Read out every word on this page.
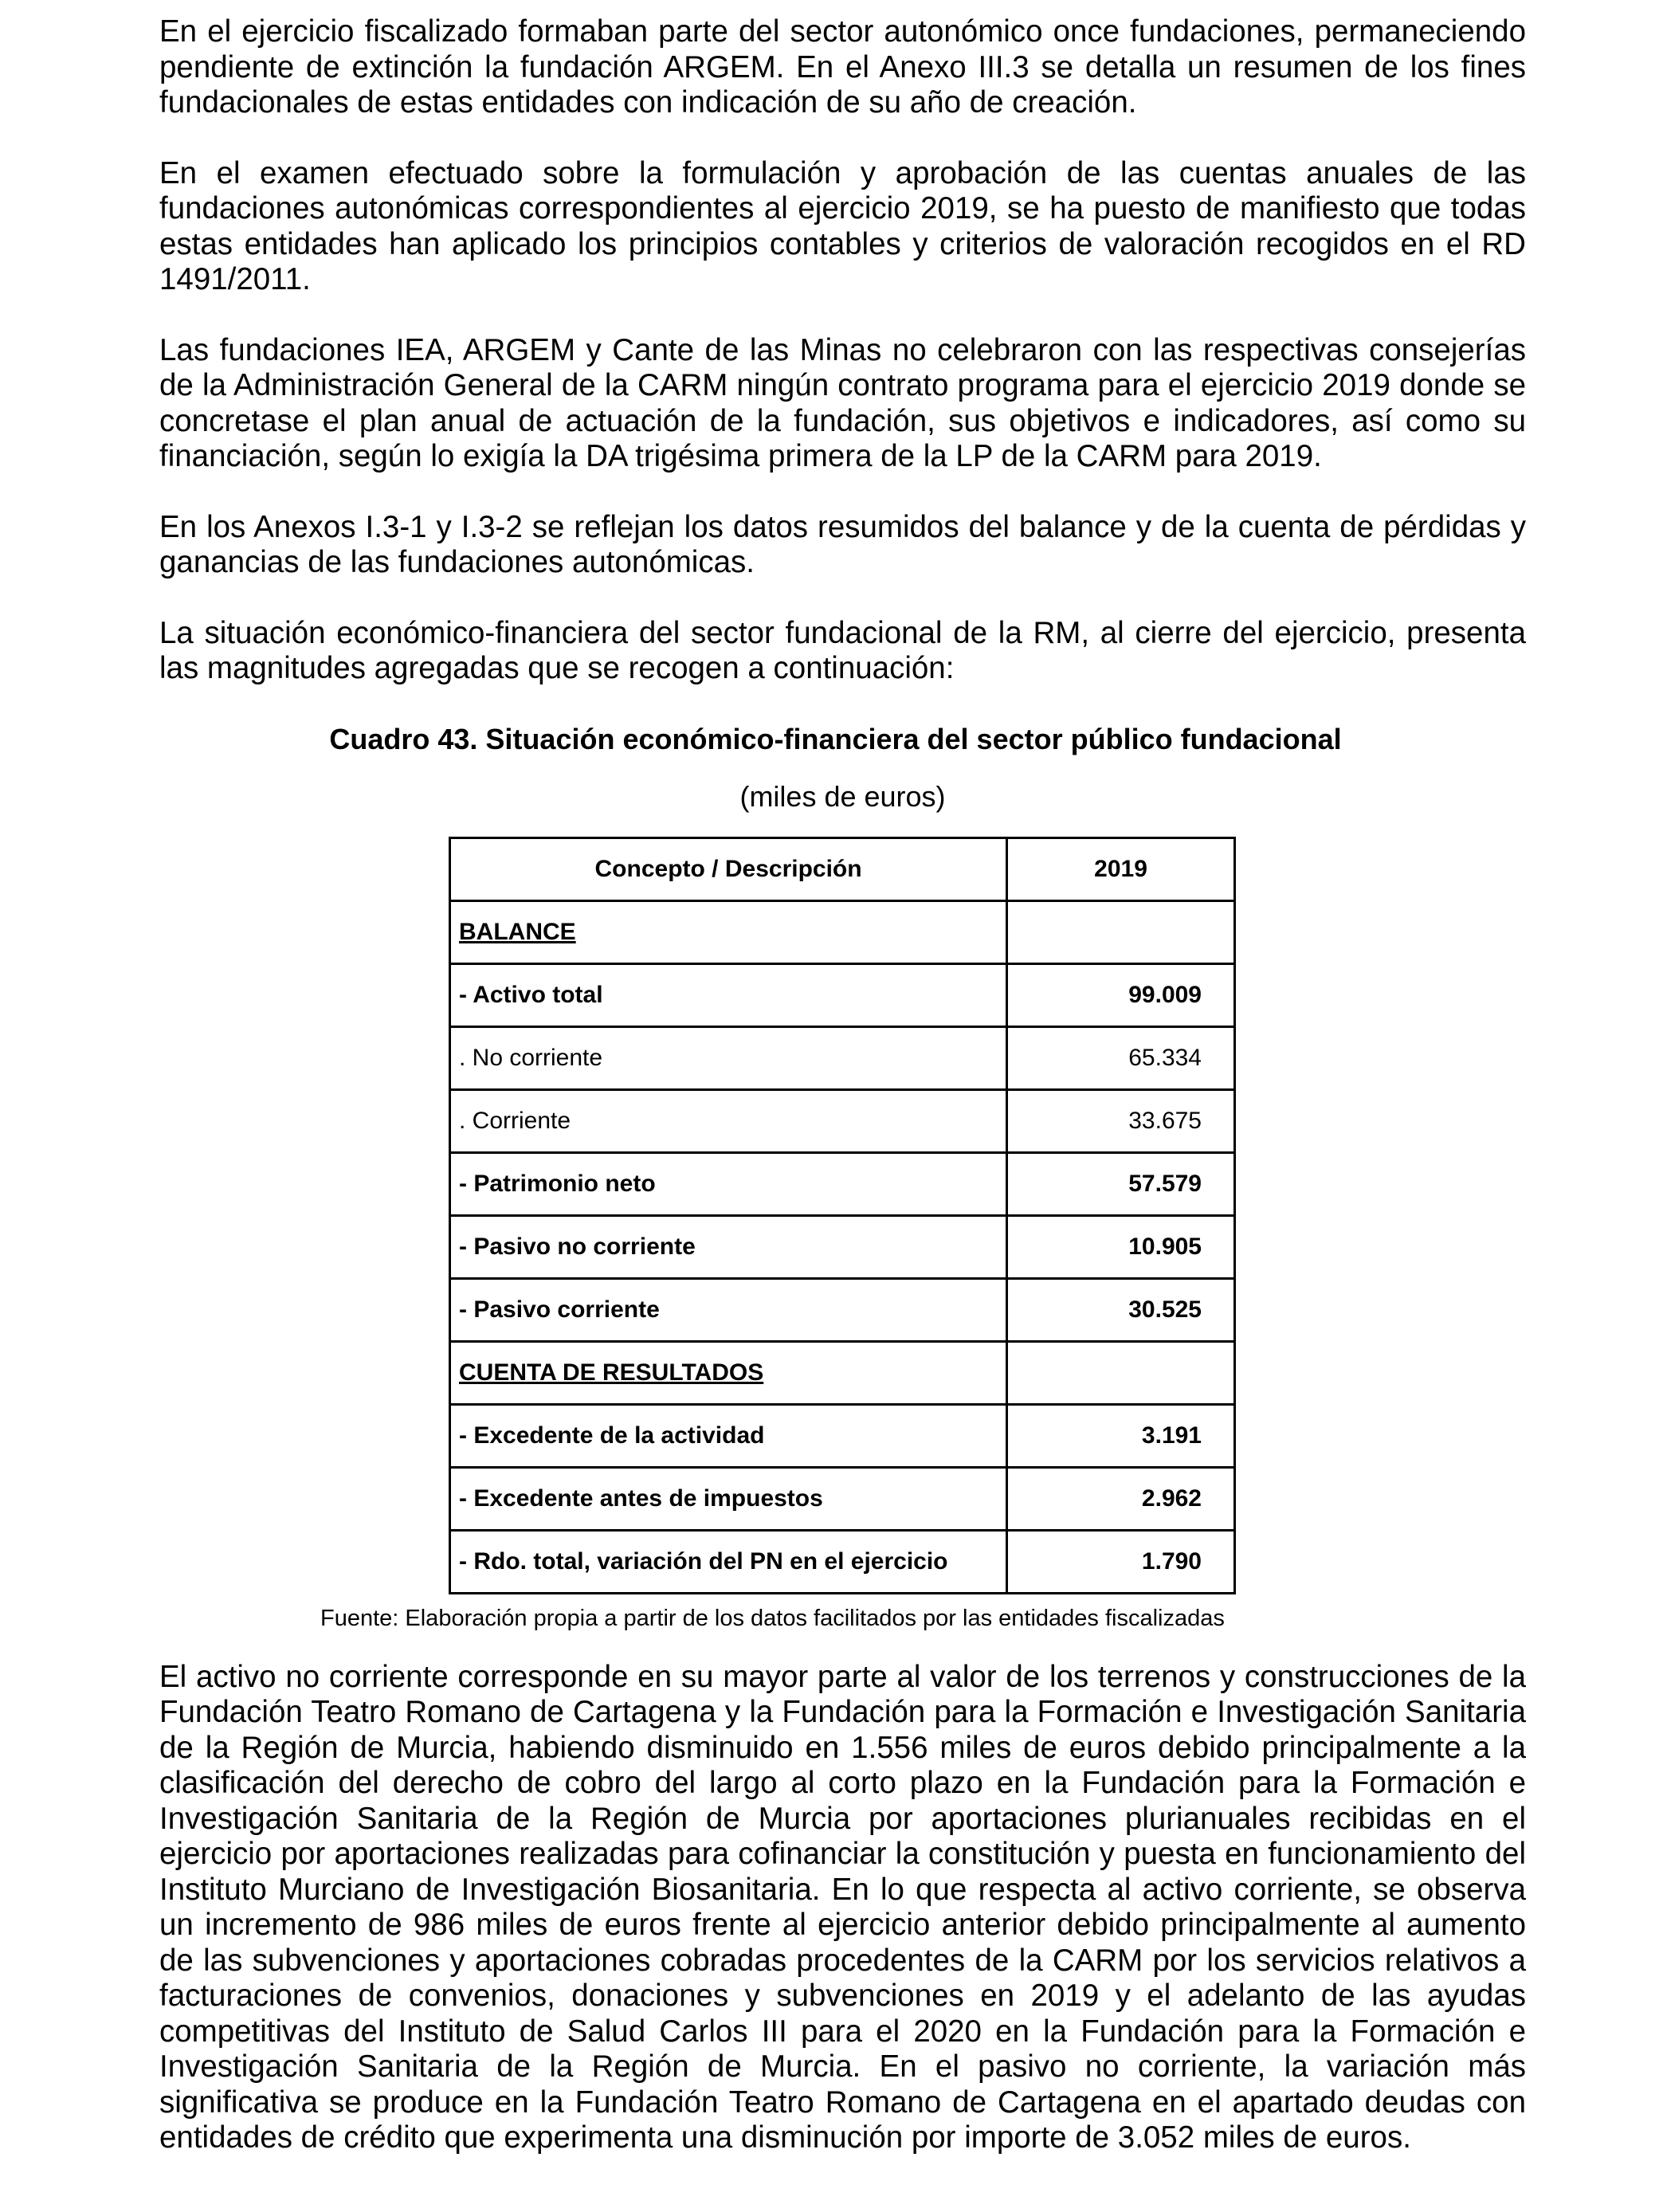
En el ejercicio fiscalizado formaban parte del sector autonómico once fundaciones, permaneciendo pendiente de extinción la fundación ARGEM. En el Anexo III.3 se detalla un resumen de los fines fundacionales de estas entidades con indicación de su año de creación.

En el examen efectuado sobre la formulación y aprobación de las cuentas anuales de las fundaciones autonómicas correspondientes al ejercicio 2019, se ha puesto de manifiesto que todas estas entidades han aplicado los principios contables y criterios de valoración recogidos en el RD 1491/2011.

Las fundaciones IEA, ARGEM y Cante de las Minas no celebraron con las respectivas consejerías de la Administración General de la CARM ningún contrato programa para el ejercicio 2019 donde se concretase el plan anual de actuación de la fundación, sus objetivos e indicadores, así como su financiación, según lo exigía la DA trigésima primera de la LP de la CARM para 2019.

En los Anexos I.3-1 y I.3-2 se reflejan los datos resumidos del balance y de la cuenta de pérdidas y ganancias de las fundaciones autonómicas.

La situación económico-financiera del sector fundacional de la RM, al cierre del ejercicio, presenta las magnitudes agregadas que se recogen a continuación:

Cuadro 43. Situación económico-financiera del sector público fundacional
(miles de euros)
Concepto / Descripción	2019
BALANCE	
- Activo total	99.009
. No corriente	65.334
. Corriente	33.675
- Patrimonio neto	57.579
- Pasivo no corriente	10.905
- Pasivo corriente	30.525
CUENTA DE RESULTADOS	
- Excedente de la actividad	3.191
- Excedente antes de impuestos	2.962
- Rdo. total, variación del PN en el ejercicio	1.790
Fuente: Elaboración propia a partir de los datos facilitados por las entidades fiscalizadas

El activo no corriente corresponde en su mayor parte al valor de los terrenos y construcciones de la Fundación Teatro Romano de Cartagena y la Fundación para la Formación e Investigación Sanitaria de la Región de Murcia, habiendo disminuido en 1.556 miles de euros debido principalmente a la clasificación del derecho de cobro del largo al corto plazo en la Fundación para la Formación e Investigación Sanitaria de la Región de Murcia por aportaciones plurianuales recibidas en el ejercicio por aportaciones realizadas para cofinanciar la constitución y puesta en funcionamiento del Instituto Murciano de Investigación Biosanitaria. En lo que respecta al activo corriente, se observa un incremento de 986 miles de euros frente al ejercicio anterior debido principalmente al aumento de las subvenciones y aportaciones cobradas procedentes de la CARM por los servicios relativos a facturaciones de convenios, donaciones y subvenciones en 2019 y el adelanto de las ayudas competitivas del Instituto de Salud Carlos III para el 2020 en la Fundación para la Formación e Investigación Sanitaria de la Región de Murcia. En el pasivo no corriente, la variación más significativa se produce en la Fundación Teatro Romano de Cartagena en el apartado deudas con entidades de crédito que experimenta una disminución por importe de 3.052 miles de euros.
